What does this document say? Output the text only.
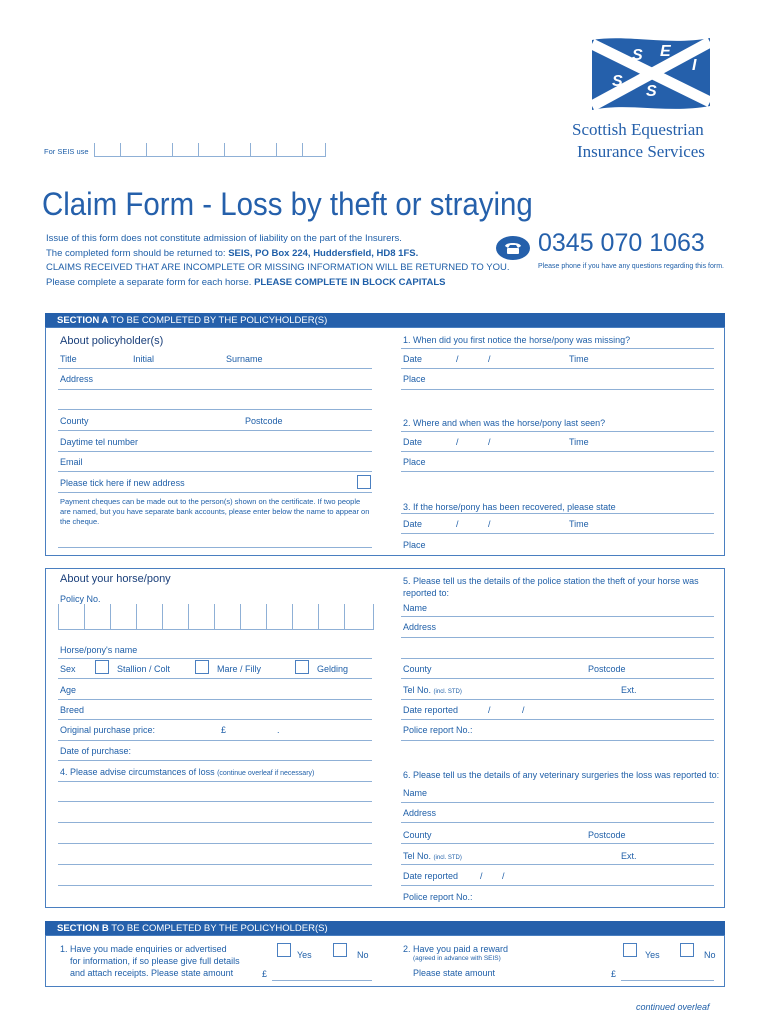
S E
S
I
S
Scottish Equestrian
Insurance Services
For SEIS use
Claim Form - Loss by theft or straying
Issue of this form does not constitute admission of liability on the part of the Insurers.
The completed form should be returned to: SEIS, PO Box 224, Huddersfield, HD8 1FS.
CLAIMS RECEIVED THAT ARE INCOMPLETE OR MISSING INFORMATION WILL BE RETURNED TO YOU.
Please complete a separate form for each horse. PLEASE COMPLETE IN BLOCK CAPITALS
0345 070 1063
Please phone if you have any questions regarding this form.
SECTION A TO BE COMPLETED BY THE POLICYHOLDER(S)
About policyholder(s)
Title	Initial	Surname
Address
County	Postcode
Daytime tel number
Email
Please tick here if new address
Payment cheques can be made out to the person(s) shown on the certificate. If two people are named, but you have separate bank accounts, please enter below the name to appear on the cheque.
1. When did you first notice the horse/pony was missing?
Date	/	/	Time
Place
2. Where and when was the horse/pony last seen?
Date	/	/	Time
Place
3. If the horse/pony has been recovered, please state
Date	/	/	Time
Place
About your horse/pony
Policy No.
Horse/pony's name
Sex	Stallion / Colt	Mare / Filly	Gelding
Age
Breed
Original purchase price:	£	.
Date of purchase:
4. Please advise circumstances of loss (continue overleaf if necessary)
5. Please tell us the details of the police station the theft of your horse was reported to:
Name
Address
County	Postcode
Tel No. (incl. STD)	Ext.
Date reported	/	/
Police report No.:
6. Please tell us the details of any veterinary surgeries the loss was reported to:
Name
Address
County	Postcode
Tel No. (incl. STD)	Ext.
Date reported / /
Police report No.:
SECTION B TO BE COMPLETED BY THE POLICYHOLDER(S)
1. Have you made enquiries or advertised
for information, if so please give full details
and attach receipts. Please state amount
Yes	No
£
2. Have you paid a reward
(agreed in advance with SEIS)
Please state amount
Yes	No
£
continued overleaf
